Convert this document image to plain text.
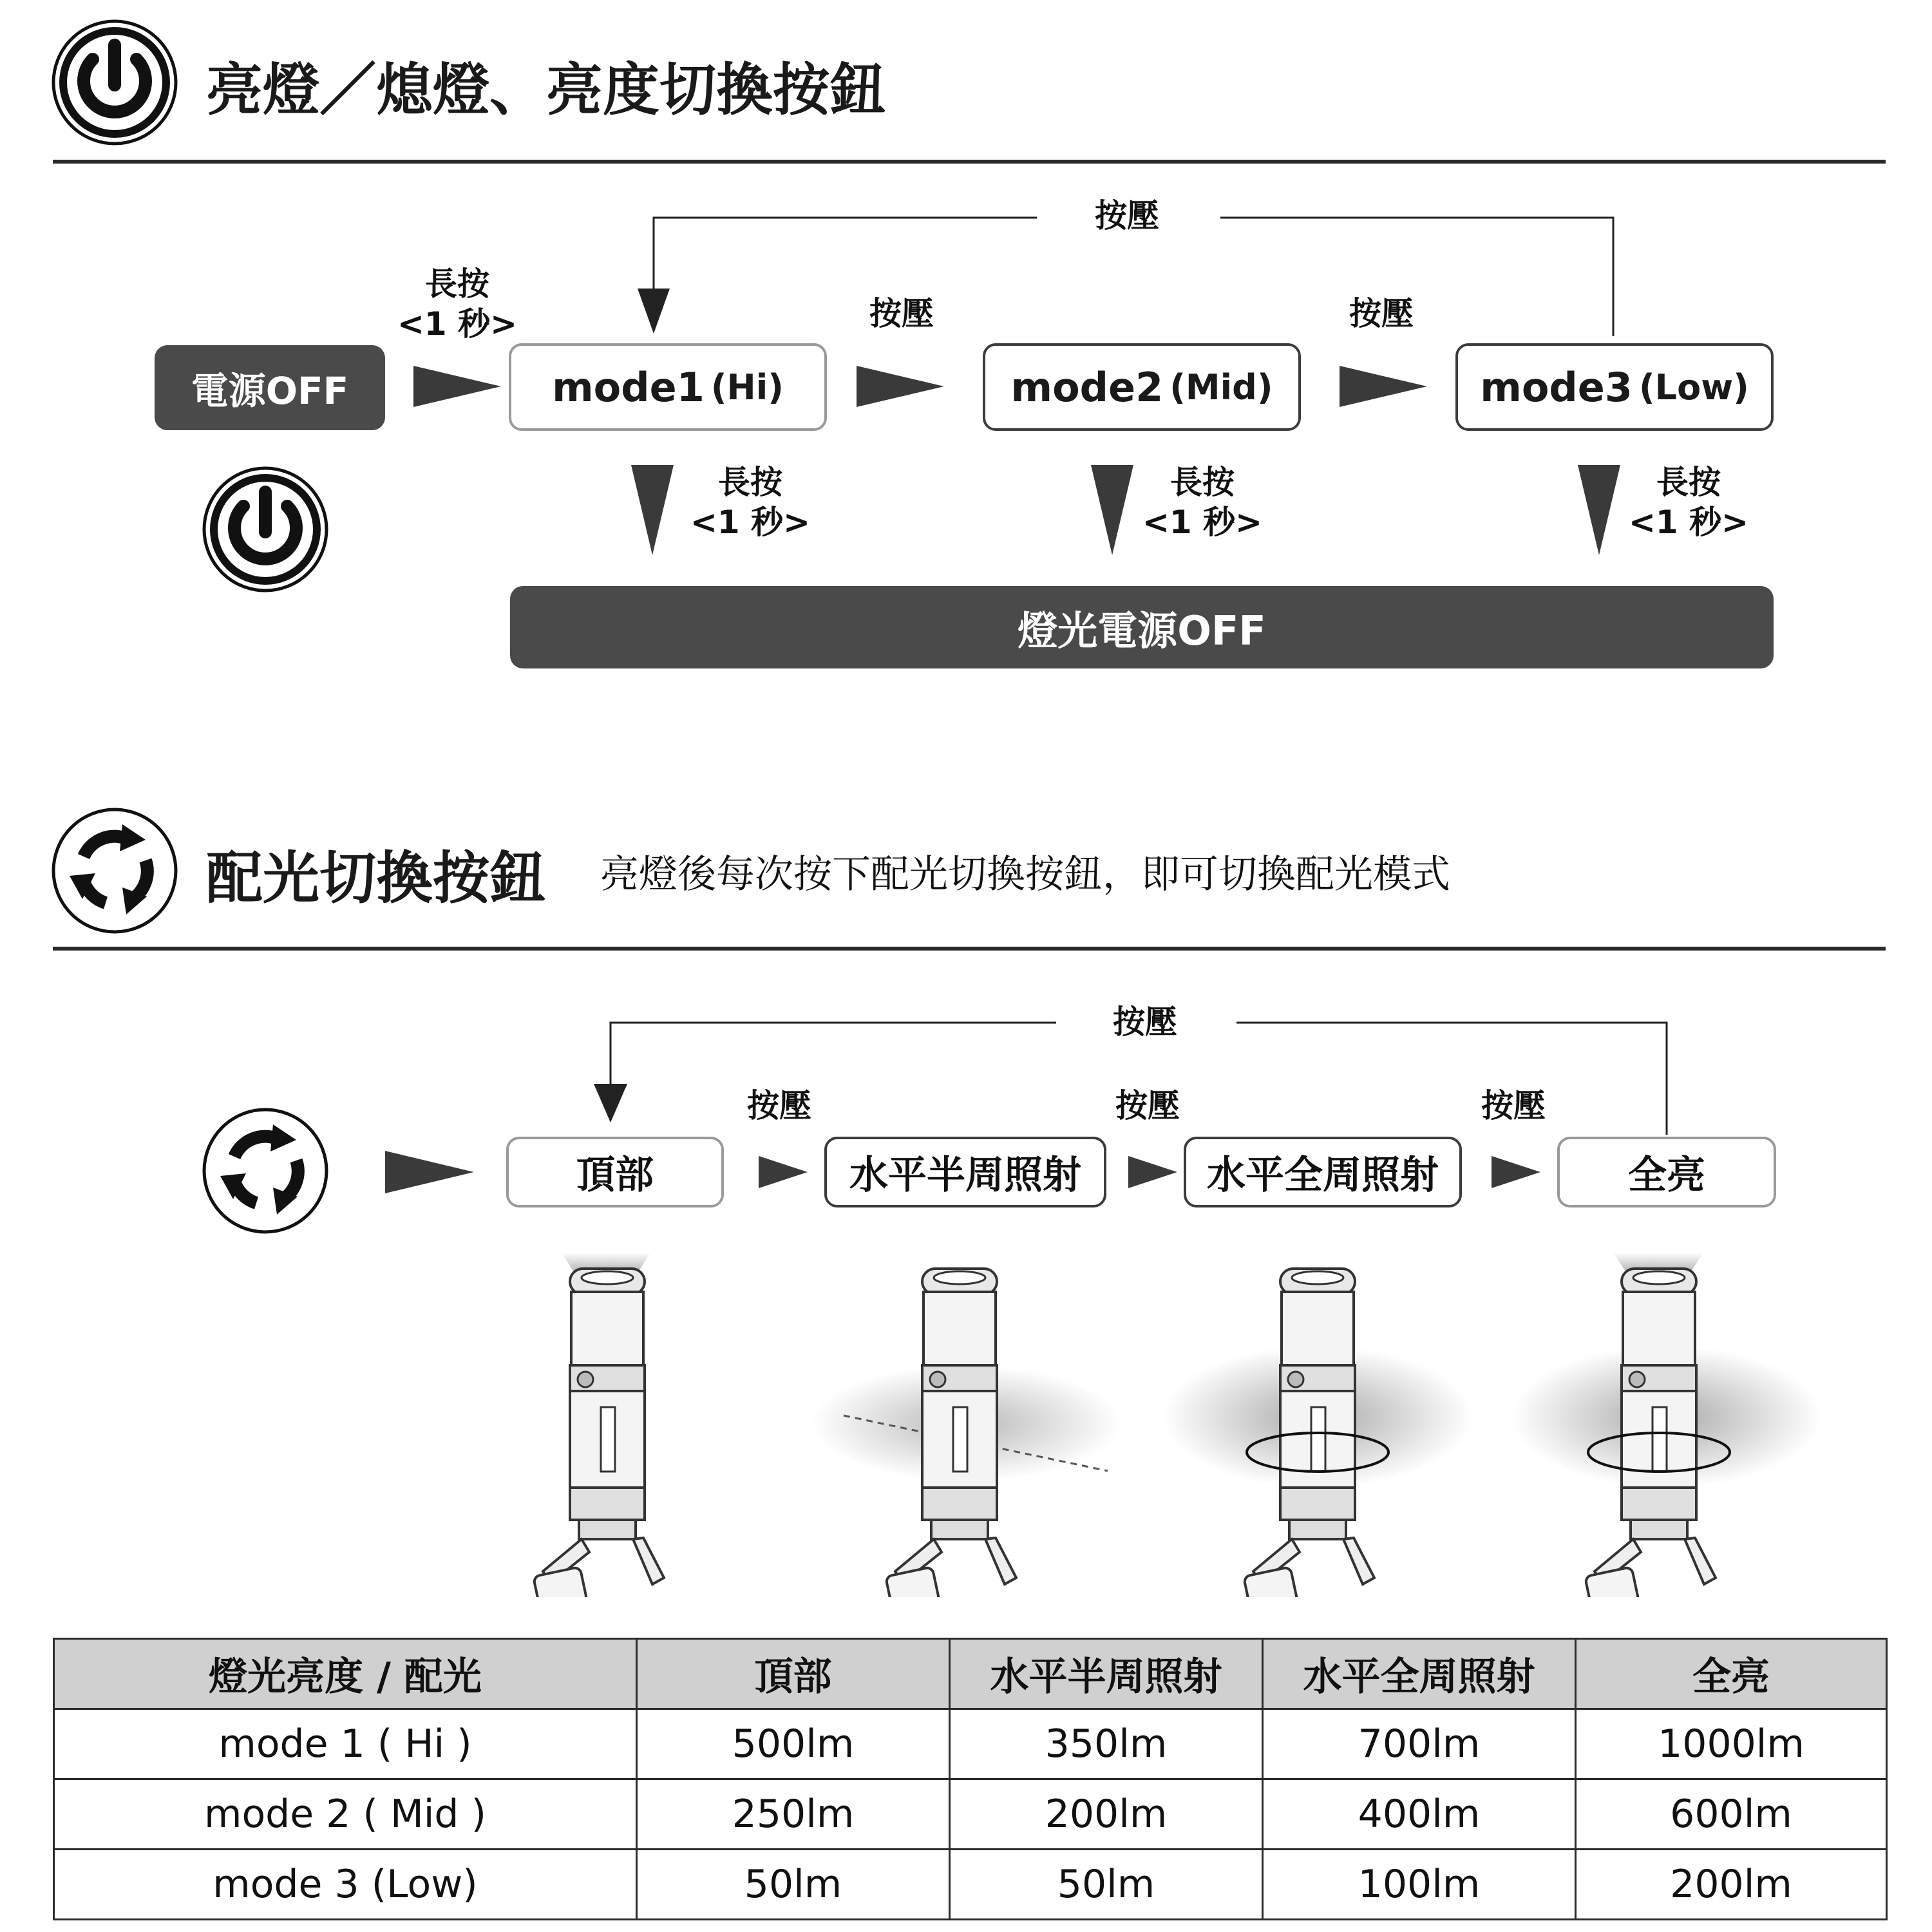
亮燈／熄燈、亮度切換按鈕
按壓
按壓	按壓
長按
<1 秒>
電源OFF	mode1 (Hi)	mode2 (Mid)	mode3 (Low)
長按
<1 秒>
長按
<1 秒>
長按
<1 秒>
燈光電源OFF
配光切換按鈕 亮燈後每次按下配光切換按鈕，即可切換配光模式
按壓
按壓	按壓	按壓
頂部	水平半周照射	水平全周照射	全亮
燈光亮度 / 配光	頂部	水平半周照射	水平全周照射	全亮
mode 1 ( Hi )	500lm	350lm	700lm	1000lm
mode 2 ( Mid )	250lm	200lm	400lm	600lm
mode 3 (Low)	50lm	50lm	100lm	200lm
